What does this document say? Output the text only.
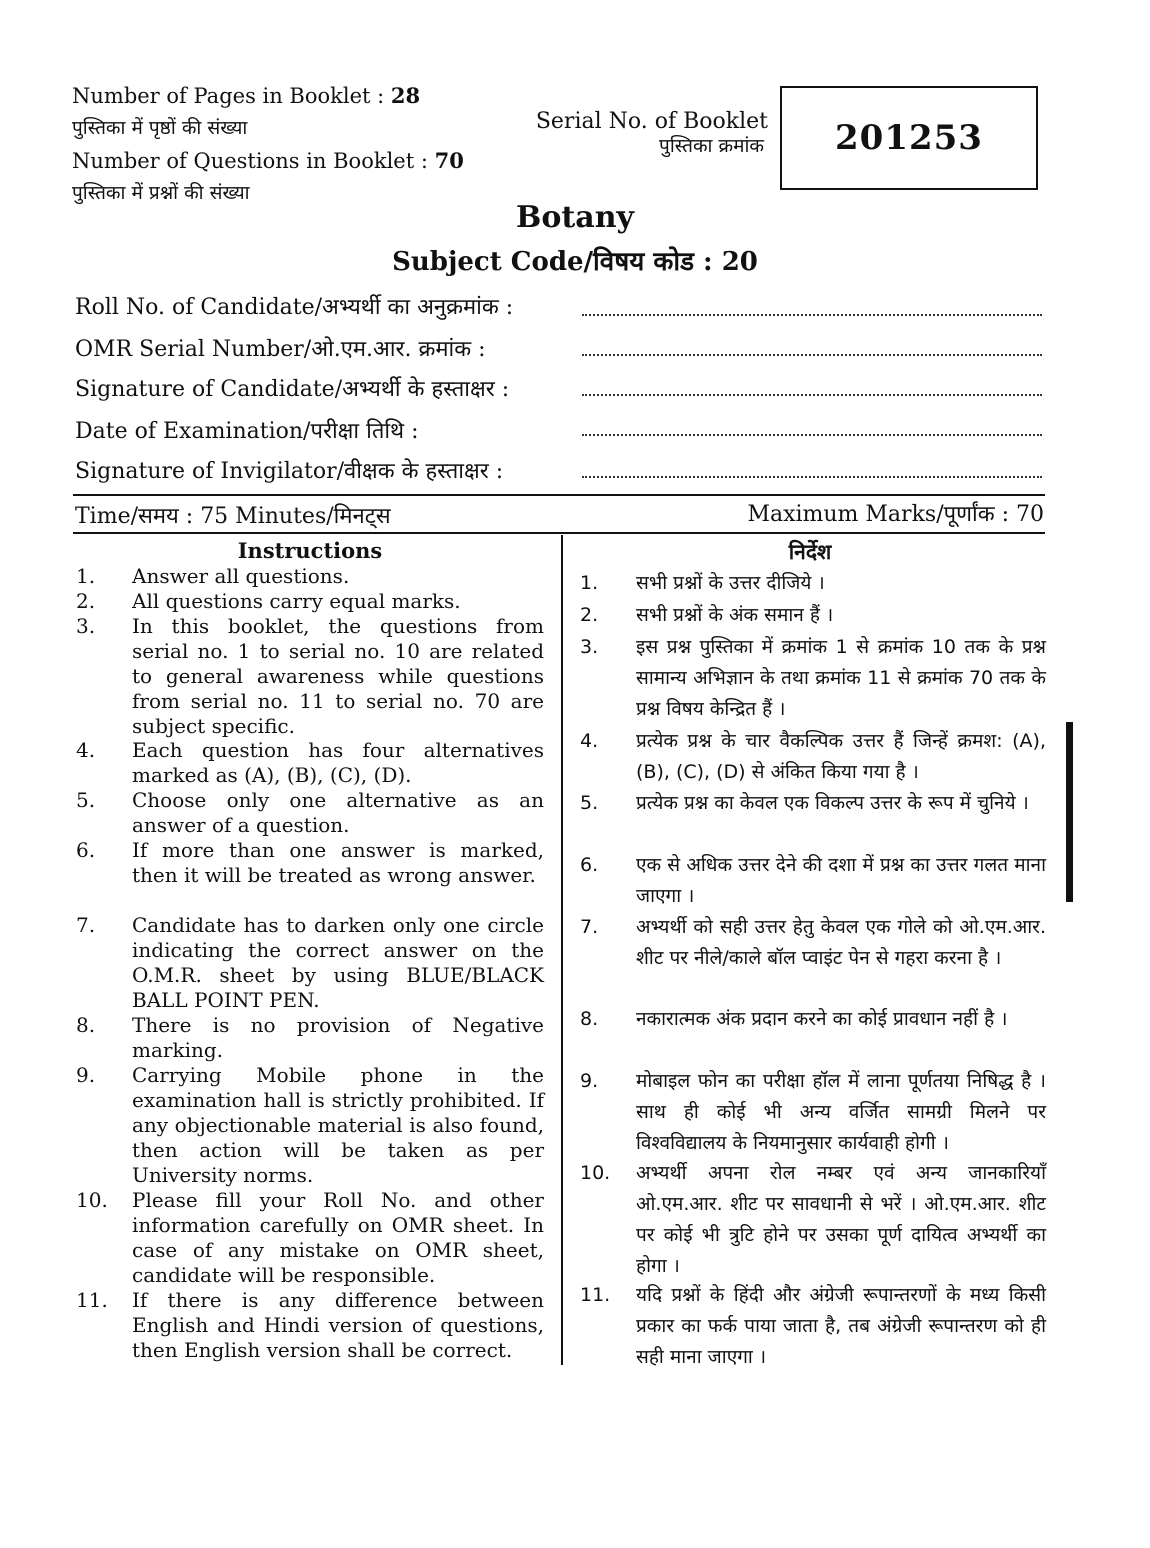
Number of Pages in Booklet : 28
पुस्तिका में पृष्ठों की संख्या
Number of Questions in Booklet : 70
पुस्तिका में प्रश्नों की संख्या
Serial No. of Booklet
पुस्तिका क्रमांक 201253
Botany
Subject Code/विषय कोड : 20
Roll No. of Candidate/अभ्यर्थी का अनुक्रमांक :
OMR Serial Number/ओ.एम.आर. क्रमांक :
Signature of Candidate/अभ्यर्थी के हस्ताक्षर :
Date of Examination/परीक्षा तिथि :
Signature of Invigilator/वीक्षक के हस्ताक्षर :
Time/समय : 75 Minutes/मिनट्स	Maximum Marks/पूर्णांक : 70
Instructions
1. Answer all questions.
2. All questions carry equal marks.
3. In this booklet, the questions from serial no. 1 to serial no. 10 are related to general awareness while questions from serial no. 11 to serial no. 70 are subject specific.
4. Each question has four alternatives marked as (A), (B), (C), (D).
5. Choose only one alternative as an answer of a question.
6. If more than one answer is marked, then it will be treated as wrong answer.
7. Candidate has to darken only one circle indicating the correct answer on the O.M.R. sheet by using BLUE/BLACK BALL POINT PEN.
8. There is no provision of Negative marking.
9. Carrying Mobile phone in the examination hall is strictly prohibited. If any objectionable material is also found, then action will be taken as per University norms.
10. Please fill your Roll No. and other information carefully on OMR sheet. In case of any mistake on OMR sheet, candidate will be responsible.
11. If there is any difference between English and Hindi version of questions, then English version shall be correct.
निर्देश
1. सभी प्रश्नों के उत्तर दीजिये ।
2. सभी प्रश्नों के अंक समान हैं ।
3. इस प्रश्न पुस्तिका में क्रमांक 1 से क्रमांक 10 तक के प्रश्न सामान्य अभिज्ञान के तथा क्रमांक 11 से क्रमांक 70 तक के प्रश्न विषय केन्द्रित हैं ।
4. प्रत्येक प्रश्न के चार वैकल्पिक उत्तर हैं जिन्हें क्रमश: (A), (B), (C), (D) से अंकित किया गया है ।
5. प्रत्येक प्रश्न का केवल एक विकल्प उत्तर के रूप में चुनिये ।
6. एक से अधिक उत्तर देने की दशा में प्रश्न का उत्तर गलत माना जाएगा ।
7. अभ्यर्थी को सही उत्तर हेतु केवल एक गोले को ओ.एम.आर. शीट पर नीले/काले बॉल प्वाइंट पेन से गहरा करना है ।
8. नकारात्मक अंक प्रदान करने का कोई प्रावधान नहीं है ।
9. मोबाइल फोन का परीक्षा हॉल में लाना पूर्णतया निषिद्ध है । साथ ही कोई भी अन्य वर्जित सामग्री मिलने पर विश्वविद्यालय के नियमानुसार कार्यवाही होगी ।
10. अभ्यर्थी अपना रोल नम्बर एवं अन्य जानकारियाँ ओ.एम.आर. शीट पर सावधानी से भरें । ओ.एम.आर. शीट पर कोई भी त्रुटि होने पर उसका पूर्ण दायित्व अभ्यर्थी का होगा ।
11. यदि प्रश्नों के हिंदी और अंग्रेजी रूपान्तरणों के मध्य किसी प्रकार का फर्क पाया जाता है, तब अंग्रेजी रूपान्तरण को ही सही माना जाएगा ।
